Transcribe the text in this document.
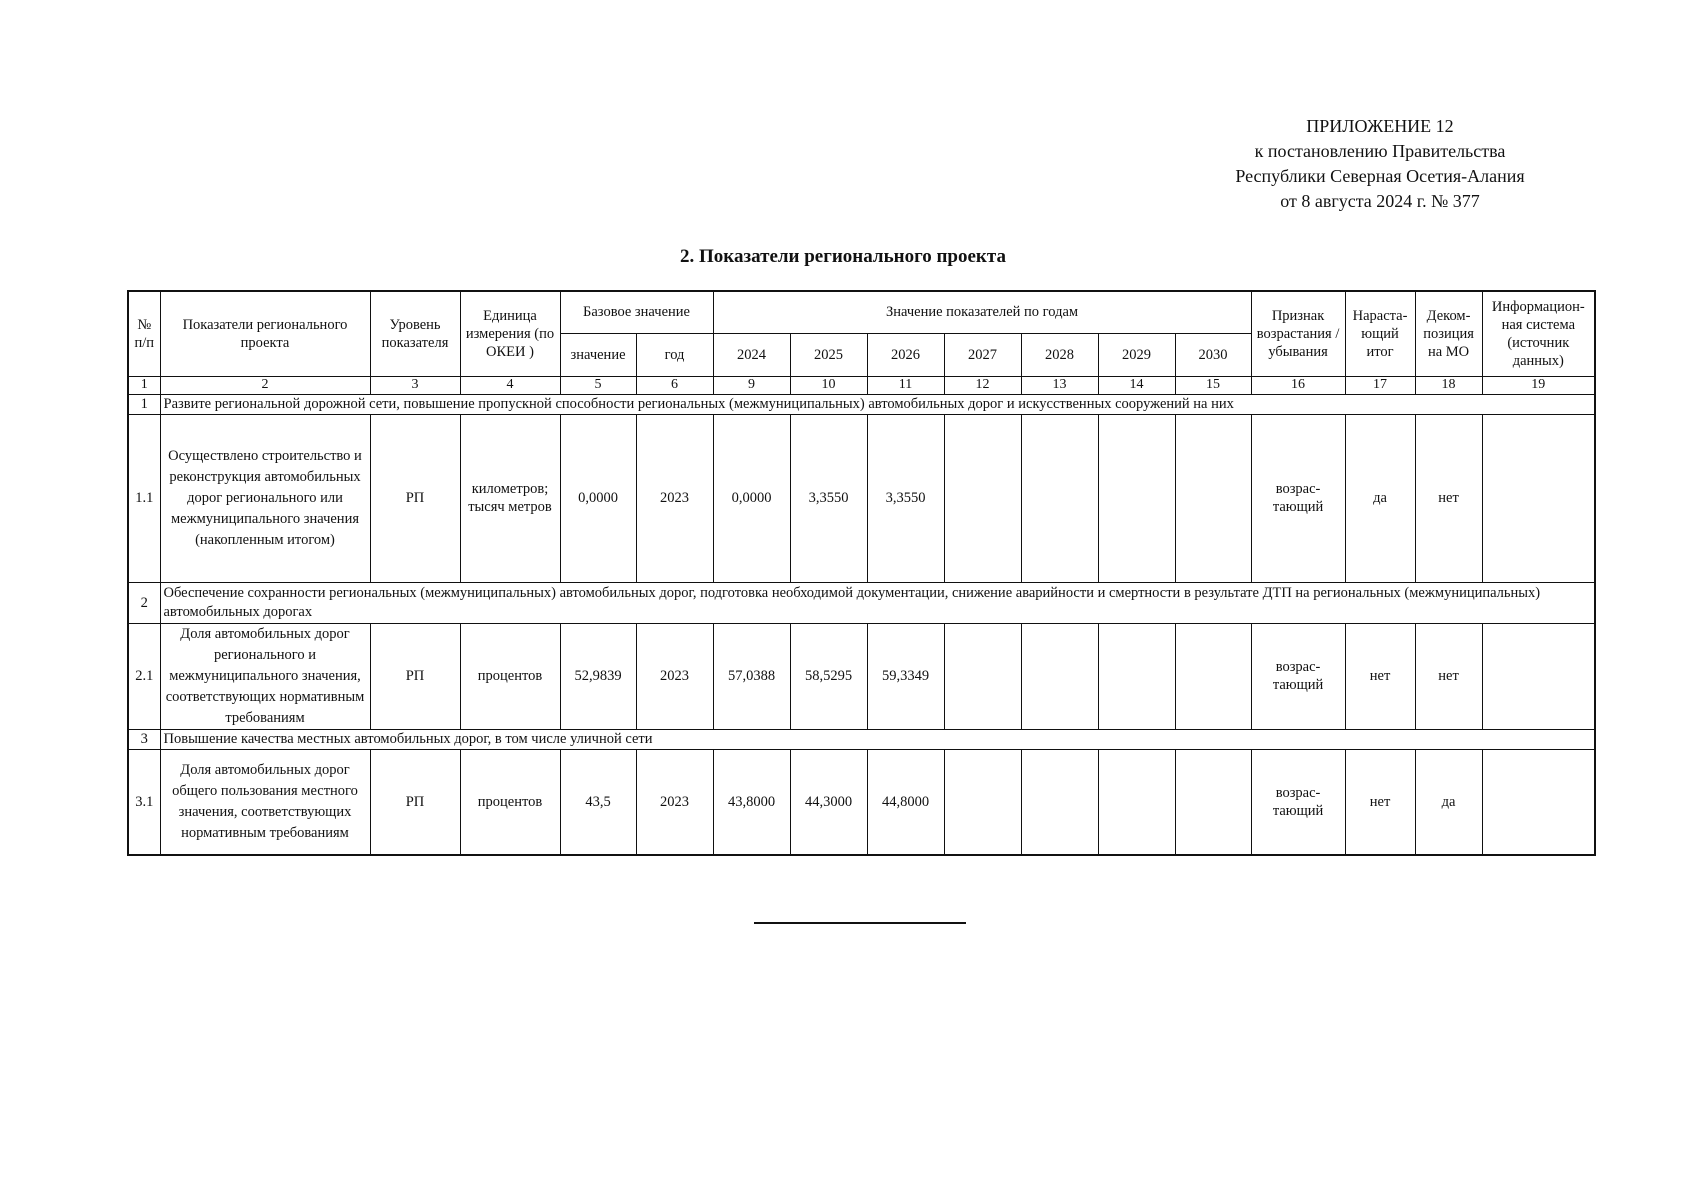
ПРИЛОЖЕНИЕ 12
к постановлению Правительства
Республики Северная Осетия-Алания
от 8 августа 2024 г. № 377
2. Показатели регионального проекта
№ п/п	Показатели регионального проекта	Уровень показателя	Единица измерения (по ОКЕИ )	Базовое значение		Значение показателей по годам							Признак возрастания / убывания	Нараста- ющий итог	Деком- позиция на МО	Информацион- ная система (источник данных)
				значение	год	2024	2025	2026	2027	2028	2029	2030				
1	2	3	4	5	6	9	10	11	12	13	14	15	16	17	18	19
1	Развите региональной дорожной сети, повышение пропускной способности региональных (межмуниципальных) автомобильных дорог и искусственных сооружений на них															
1.1	Осуществлено строительство и реконструкция автомобильных дорог регионального или межмуниципального значения (накопленным итогом)	РП	километров; тысяч метров	0,0000	2023	0,0000	3,3550	3,3550					возрас- тающий	да	нет	
2	Обеспечение сохранности региональных (межмуниципальных) автомобильных дорог, подготовка необходимой документации, снижение аварийности и смертности в результате ДТП на региональных (межмуниципальных) автомобильных дорогах															
2.1	Доля автомобильных дорог регионального и межмуниципального значения, соответствующих нормативным требованиям	РП	процентов	52,9839	2023	57,0388	58,5295	59,3349					возрас- тающий	нет	нет	
3	Повышение качества местных автомобильных дорог, в том числе уличной сети															
3.1	Доля автомобильных дорог общего пользования местного значения, соответствующих нормативным требованиям	РП	процентов	43,5	2023	43,8000	44,3000	44,8000					возрас- тающий	нет	да	
